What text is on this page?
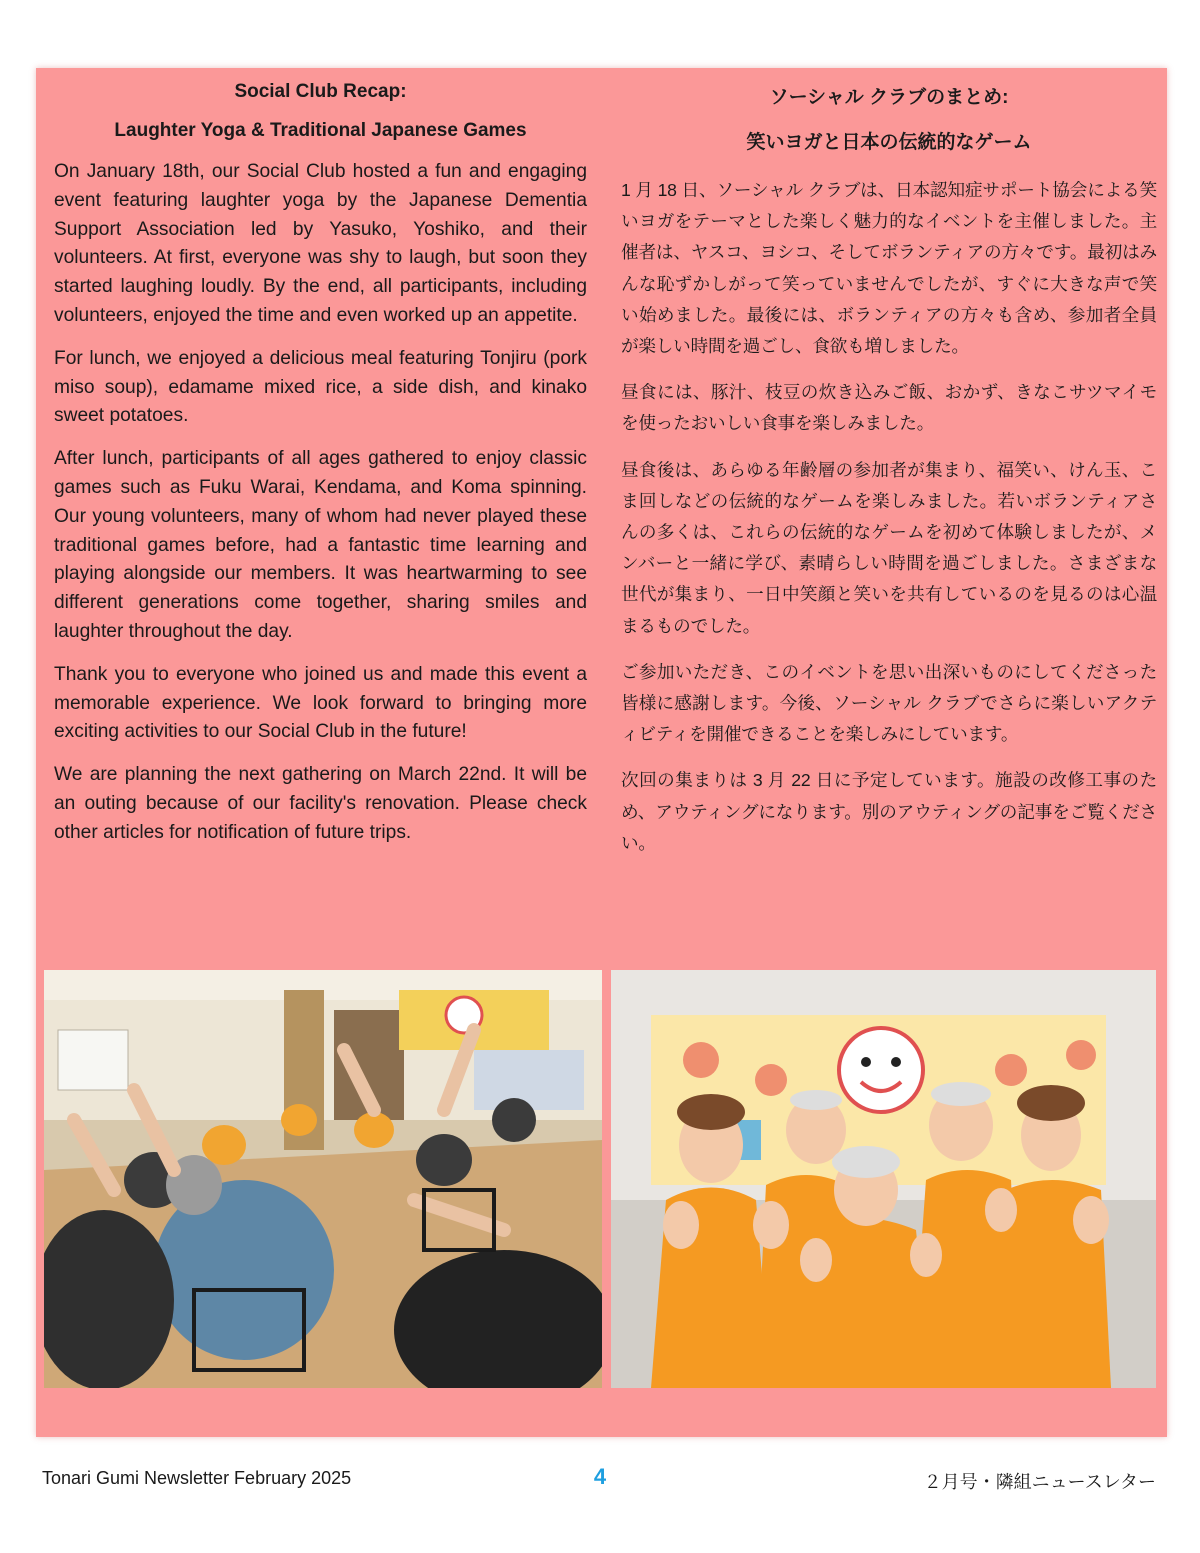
Social Club Recap:

Laughter Yoga & Traditional Japanese Games

On January 18th, our Social Club hosted a fun and engaging event featuring laughter yoga by the Japanese Dementia Support Association led by Yasuko, Yoshiko, and their volunteers. At first, everyone was shy to laugh, but soon they started laughing loudly. By the end, all participants, including volunteers, enjoyed the time and even worked up an appetite.

For lunch, we enjoyed a delicious meal featuring Tonjiru (pork miso soup), edamame mixed rice, a side dish, and kinako sweet potatoes.

After lunch, participants of all ages gathered to enjoy classic games such as Fuku Warai, Kendama, and Koma spinning. Our young volunteers, many of whom had never played these traditional games before, had a fantastic time learning and playing alongside our members. It was heartwarming to see different generations come together, sharing smiles and laughter throughout the day.

Thank you to everyone who joined us and made this event a memorable experience. We look forward to bringing more exciting activities to our Social Club in the future!

We are planning the next gathering on March 22nd. It will be an outing because of our facility's renovation. Please check other articles for notification of future trips.

ソーシャル クラブのまとめ:

笑いヨガと日本の伝統的なゲーム

1 月 18 日、ソーシャル クラブは、日本認知症サポート協会による笑いヨガをテーマとした楽しく魅力的なイベントを主催しました。主催者は、ヤスコ、ヨシコ、そしてボランティアの方々です。最初はみんな恥ずかしがって笑っていませんでしたが、すぐに大きな声で笑い始めました。最後には、ボランティアの方々も含め、参加者全員が楽しい時間を過ごし、食欲も増しました。

昼食には、豚汁、枝豆の炊き込みご飯、おかず、きなこサツマイモを使ったおいしい食事を楽しみました。

昼食後は、あらゆる年齢層の参加者が集まり、福笑い、けん玉、こま回しなどの伝統的なゲームを楽しみました。若いボランティアさんの多くは、これらの伝統的なゲームを初めて体験しましたが、メンバーと一緒に学び、素晴らしい時間を過ごしました。さまざまな世代が集まり、一日中笑顔と笑いを共有しているのを見るのは心温まるものでした。

ご参加いただき、このイベントを思い出深いものにしてくださった皆様に感謝します。今後、ソーシャル クラブでさらに楽しいアクティビティを開催できることを楽しみにしています。

次回の集まりは 3 月 22 日に予定しています。施設の改修工事のため、アウティングになります。別のアウティングの記事をご覧ください。

Tonari Gumi Newsletter February 2025	4	２月号・隣組ニュースレター
